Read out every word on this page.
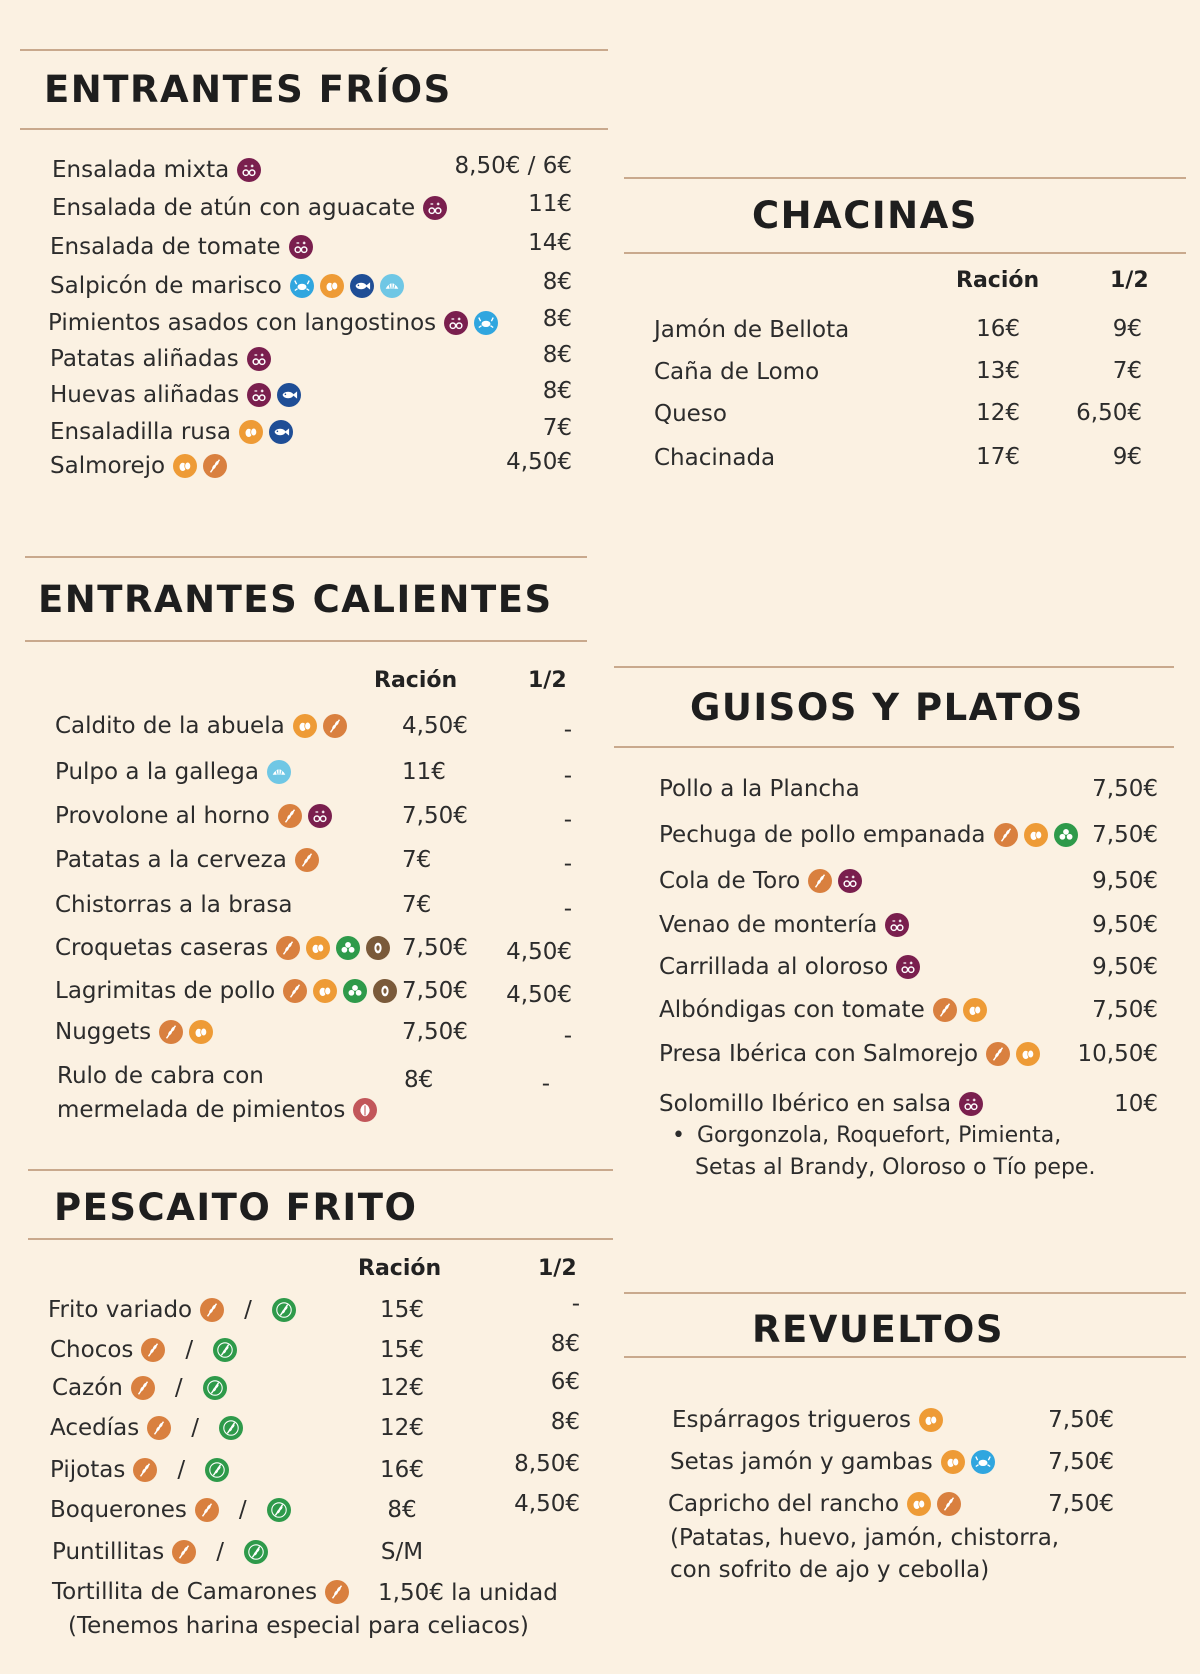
ENTRANTES FRÍOS
Ensalada mixta	8,50€ / 6€
Ensalada de atún con aguacate	11€
Ensalada de tomate	14€
Salpicón de marisco	8€
Pimientos asados con langostinos	8€
Patatas aliñadas	8€
Huevas aliñadas	8€
Ensaladilla rusa	7€
Salmorejo	4,50€
CHACINAS
Ración	1/2
Jamón de Bellota	16€	9€
Caña de Lomo	13€	7€
Queso	12€ 6,50€
Chacinada	17€	9€
ENTRANTES CALIENTES
Ración	1/2
Caldito de la abuela	4,50€	-
Pulpo a la gallega	11€	-
Provolone al horno	7,50€	-
Patatas a la cerveza	7€	-
Chistorras a la brasa	7€	-
Croquetas caseras	7,50€ 4,50€
Lagrimitas de pollo	7,50€ 4,50€
Nuggets	7,50€	-
Rulo de cabra con
mermelada de pimientos
8€	-
GUISOS Y PLATOS
Pollo a la Plancha	7,50€
Pechuga de pollo empanada	7,50€
Cola de Toro	9,50€
Venao de montería	9,50€
Carrillada al oloroso	9,50€
Albóndigas con tomate	7,50€
Presa Ibérica con Salmorejo	10,50€
Solomillo Ibérico en salsa	10€
• Gorgonzola, Roquefort, Pimienta,
Setas al Brandy, Oloroso o Tío pepe.
PESCAITO FRITO
Ración	1/2
Frito variado /	15€	-
Chocos /	15€	8€
Cazón /	12€	6€
Acedías /	12€	8€
Pijotas /	16€	8,50€
Boquerones /	8€	4,50€
Puntillitas /	S/M
Tortillita de Camarones	1,50€ la unidad
(Tenemos harina especial para celiacos)
REVUELTOS
Espárragos trigueros	7,50€
Setas jamón y gambas	7,50€
Capricho del rancho	7,50€
(Patatas, huevo, jamón, chistorra,
con sofrito de ajo y cebolla)
